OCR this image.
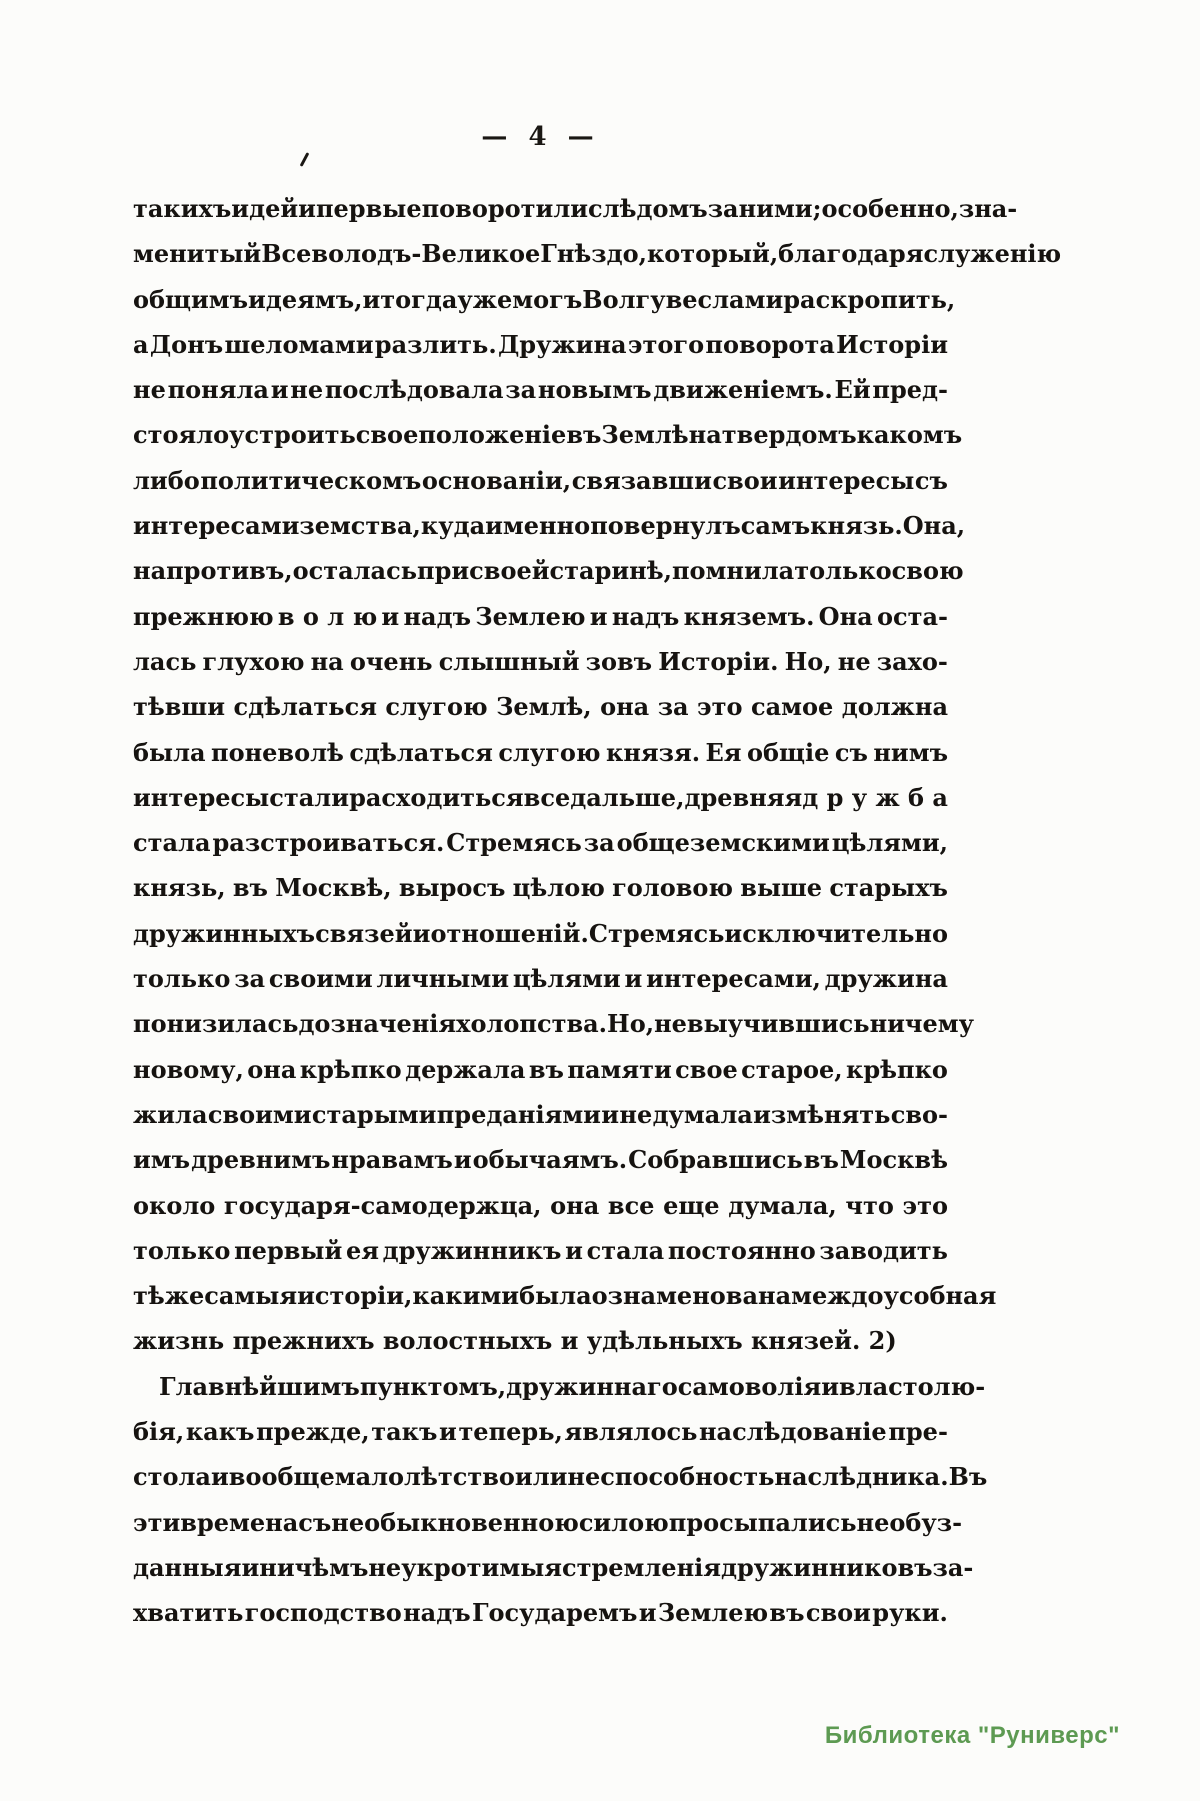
— 4 —
такихъ идей и первые поворотили слѣдомъ за ними; особенно, зна-
менитый Всеволодъ-Великое Гнѣздо, который, благодаря служенію
общимъ идеямъ, и тогда уже могъ Волгу веслами раскропить,
а Донъ шеломами разлить. Дружина этого поворота Исторіи
не поняла и не послѣдовала за новымъ движеніемъ. Ей пред-
стояло устроить свое положеніе въ Землѣ на твердомъ какомъ
либо политическомъ основаніи, связавши свои интересы съ
интересами земства, куда именно повернулъ самъ князь. Она,
напротивъ, осталась при своей старинѣ, помнила только свою
прежнюю в о л ю и надъ Землею и надъ княземъ. Она оста-
лась глухою на очень слышный зовъ Исторіи. Но, не захо-
тѣвши сдѣлаться слугою Землѣ, она за это самое должна
была поневолѣ сдѣлаться слугою князя. Ея общіе съ нимъ
интересы стали расходиться все дальше, древняя д р у ж б а
стала разстроиваться. Стремясь за общеземскими цѣлями,
князь, въ Москвѣ, выросъ цѣлою головою выше старыхъ
дружинныхъ связей и отношеній. Стремясь исключительно
только за своими личными цѣлями и интересами, дружина
понизилась до значенія холопства. Но, не выучившись ничему
новому, она крѣпко держала въ памяти свое старое, крѣпко
жила своими старыми преданіями и не думала измѣнять сво-
имъ древнимъ нравамъ и обычаямъ. Собравшись въ Москвѣ
около государя-самодержца, она все еще думала, что это
только первый ея дружинникъ и стала постоянно заводить
тѣже самыя исторіи, какими была ознаменована междоусобная
жизнь прежнихъ волостныхъ и удѣльныхъ князей. 2)
Главнѣйшимъ пунктомъ, дружиннаго самоволія и властолю-
бія, какъ прежде, такъ и теперь, являлось наслѣдованіе пре-
стола и вообще малолѣтство или неспособность наслѣдника. Въ
эти времена съ необыкновенною силою просыпались необуз-
данныя и ничѣмъ неукротимыя стремленія дружинниковъ за-
хватить господство надъ Государемъ и Землею въ свои руки.
Библиотека "Руниверс"
